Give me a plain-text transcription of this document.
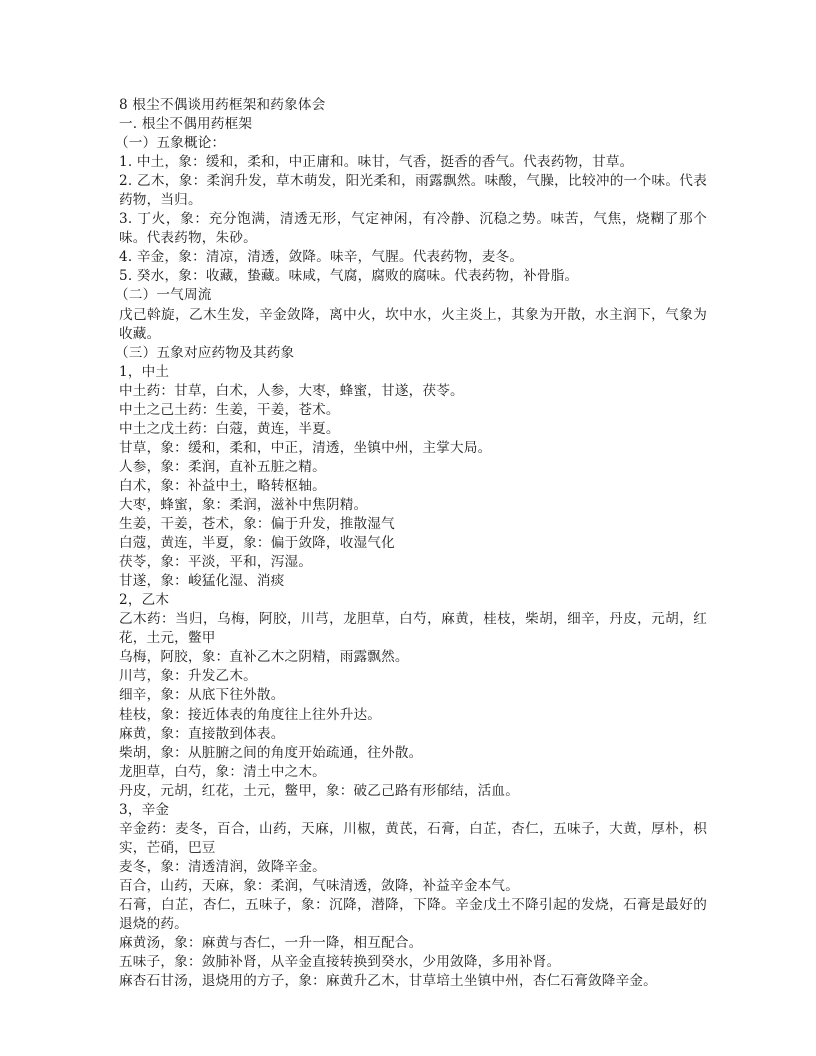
8 根尘不偶谈用药框架和药象体会

一. 根尘不偶用药框架

（一）五象概论：

1. 中土，象：缓和，柔和，中正庸和。味甘，气香，挺香的香气。代表药物，甘草。

2. 乙木，象：柔润升发，草木萌发，阳光柔和，雨露飘然。味酸，气臊，比较冲的一个味。代表药物，当归。

3. 丁火，象：充分饱满，清透无形，气定神闲，有冷静、沉稳之势。味苦，气焦，烧糊了那个味。代表药物，朱砂。

4. 辛金，象：清凉，清透，敛降。味辛，气腥。代表药物，麦冬。

5. 癸水，象：收藏，蛰藏。味咸，气腐，腐败的腐味。代表药物，补骨脂。

（二）一气周流

戊己斡旋，乙木生发，辛金敛降，离中火，坎中水，火主炎上，其象为开散，水主润下，气象为收藏。

（三）五象对应药物及其药象

1，中土

中土药：甘草，白术，人参，大枣，蜂蜜，甘遂，茯苓。

中土之己土药：生姜，干姜，苍术。

中土之戊土药：白蔻，黄连，半夏。

甘草，象：缓和，柔和，中正，清透，坐镇中州，主掌大局。

人参，象：柔润，直补五脏之精。

白术，象：补益中土，略转枢轴。

大枣，蜂蜜，象：柔润，滋补中焦阴精。

生姜，干姜，苍术，象：偏于升发，推散湿气

白蔻，黄连，半夏，象：偏于敛降，收湿气化

茯苓，象：平淡，平和，泻湿。

甘遂，象：峻猛化湿、消痰

2，乙木

乙木药：当归，乌梅，阿胶，川芎，龙胆草，白芍，麻黄，桂枝，柴胡，细辛，丹皮，元胡，红花，土元，鳖甲

乌梅，阿胶，象：直补乙木之阴精，雨露飘然。

川芎，象：升发乙木。

细辛，象：从底下往外散。

桂枝，象：接近体表的角度往上往外升达。

麻黄，象：直接散到体表。

柴胡，象：从脏腑之间的角度开始疏通，往外散。

龙胆草，白芍，象：清土中之木。

丹皮，元胡，红花，土元，鳖甲，象：破乙己路有形郁结，活血。

3，辛金

辛金药：麦冬，百合，山药，天麻，川椒，黄芪，石膏，白芷，杏仁，五味子，大黄，厚朴，枳实，芒硝，巴豆

麦冬，象：清透清润，敛降辛金。

百合，山药，天麻，象：柔润，气味清透，敛降，补益辛金本气。

石膏，白芷，杏仁，五味子，象：沉降，潜降，下降。辛金戊土不降引起的发烧，石膏是最好的退烧的药。

麻黄汤，象：麻黄与杏仁，一升一降，相互配合。

五味子，象：敛肺补肾，从辛金直接转换到癸水，少用敛降，多用补肾。

麻杏石甘汤，退烧用的方子，象：麻黄升乙木，甘草培土坐镇中州，杏仁石膏敛降辛金。
